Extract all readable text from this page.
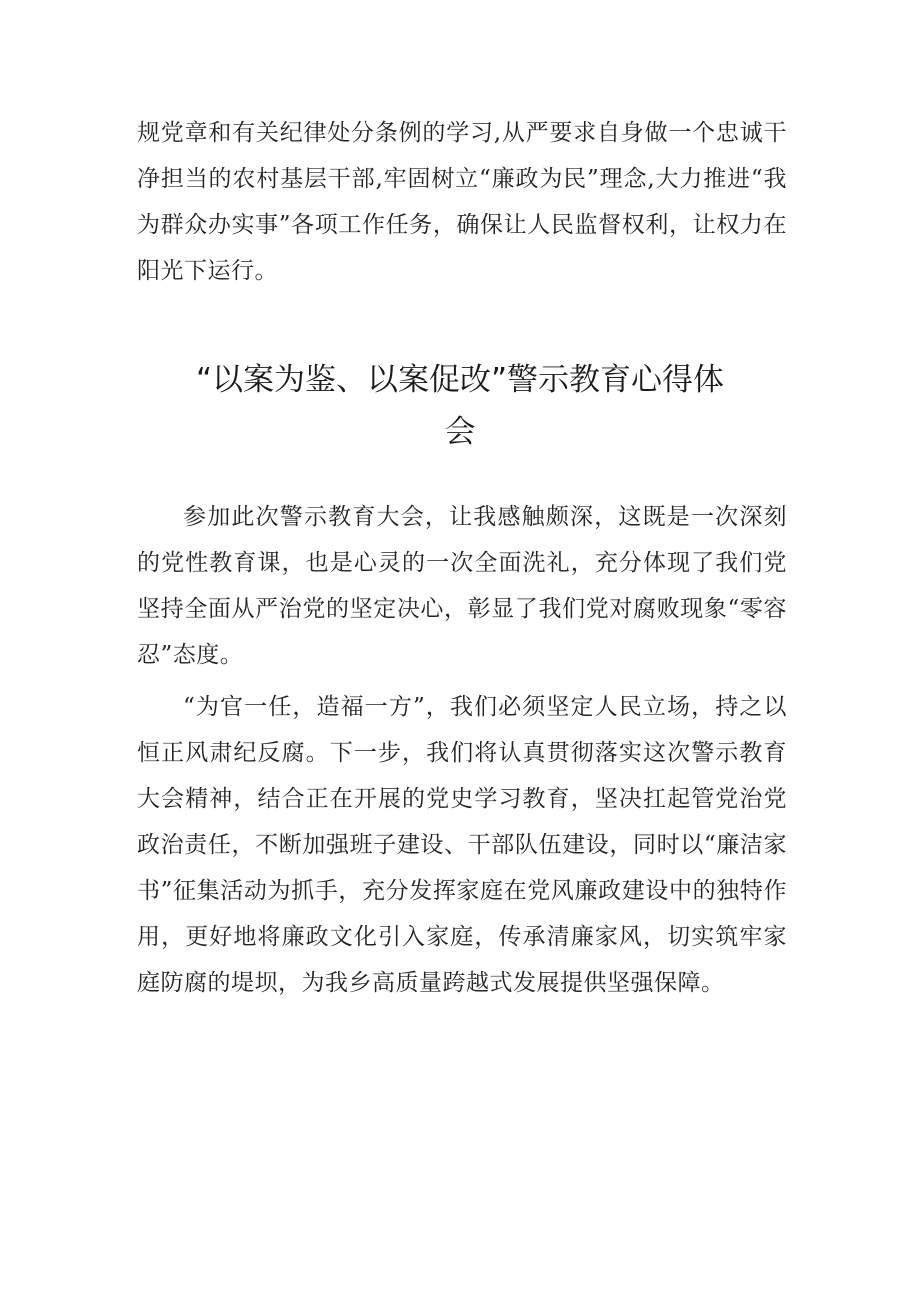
规党章和有关纪律处分条例的学习,从严要求自身做一个忠诚干净担当的农村基层干部,牢固树立“廉政为民”理念,大力推进“我为群众办实事”各项工作任务，确保让人民监督权利，让权力在阳光下运行。

“以案为鉴、以案促改”警示教育心得体
会

参加此次警示教育大会，让我感触颇深，这既是一次深刻的党性教育课，也是心灵的一次全面洗礼，充分体现了我们党坚持全面从严治党的坚定决心，彰显了我们党对腐败现象“零容忍”态度。

“为官一任，造福一方”，我们必须坚定人民立场，持之以恒正风肃纪反腐。下一步，我们将认真贯彻落实这次警示教育大会精神，结合正在开展的党史学习教育，坚决扛起管党治党政治责任，不断加强班子建设、干部队伍建设，同时以“廉洁家书”征集活动为抓手，充分发挥家庭在党风廉政建设中的独特作用，更好地将廉政文化引入家庭，传承清廉家风，切实筑牢家庭防腐的堤坝，为我乡高质量跨越式发展提供坚强保障。
